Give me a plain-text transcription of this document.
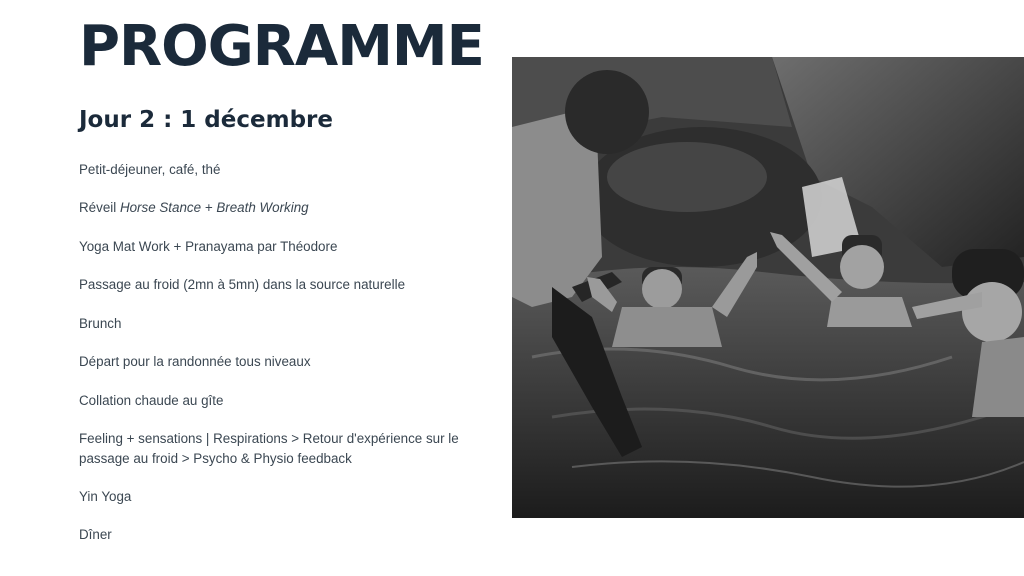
PROGRAMME
Jour 2 : 1 décembre
Petit-déjeuner, café, thé
Réveil Horse Stance + Breath Working
Yoga Mat Work + Pranayama par Théodore
Passage au froid (2mn à 5mn) dans la source naturelle
Brunch
Départ pour la randonnée tous niveaux
Collation chaude au gîte
Feeling + sensations | Respirations > Retour d'expérience sur le passage au froid > Psycho & Physio feedback
Yin Yoga
Dîner
